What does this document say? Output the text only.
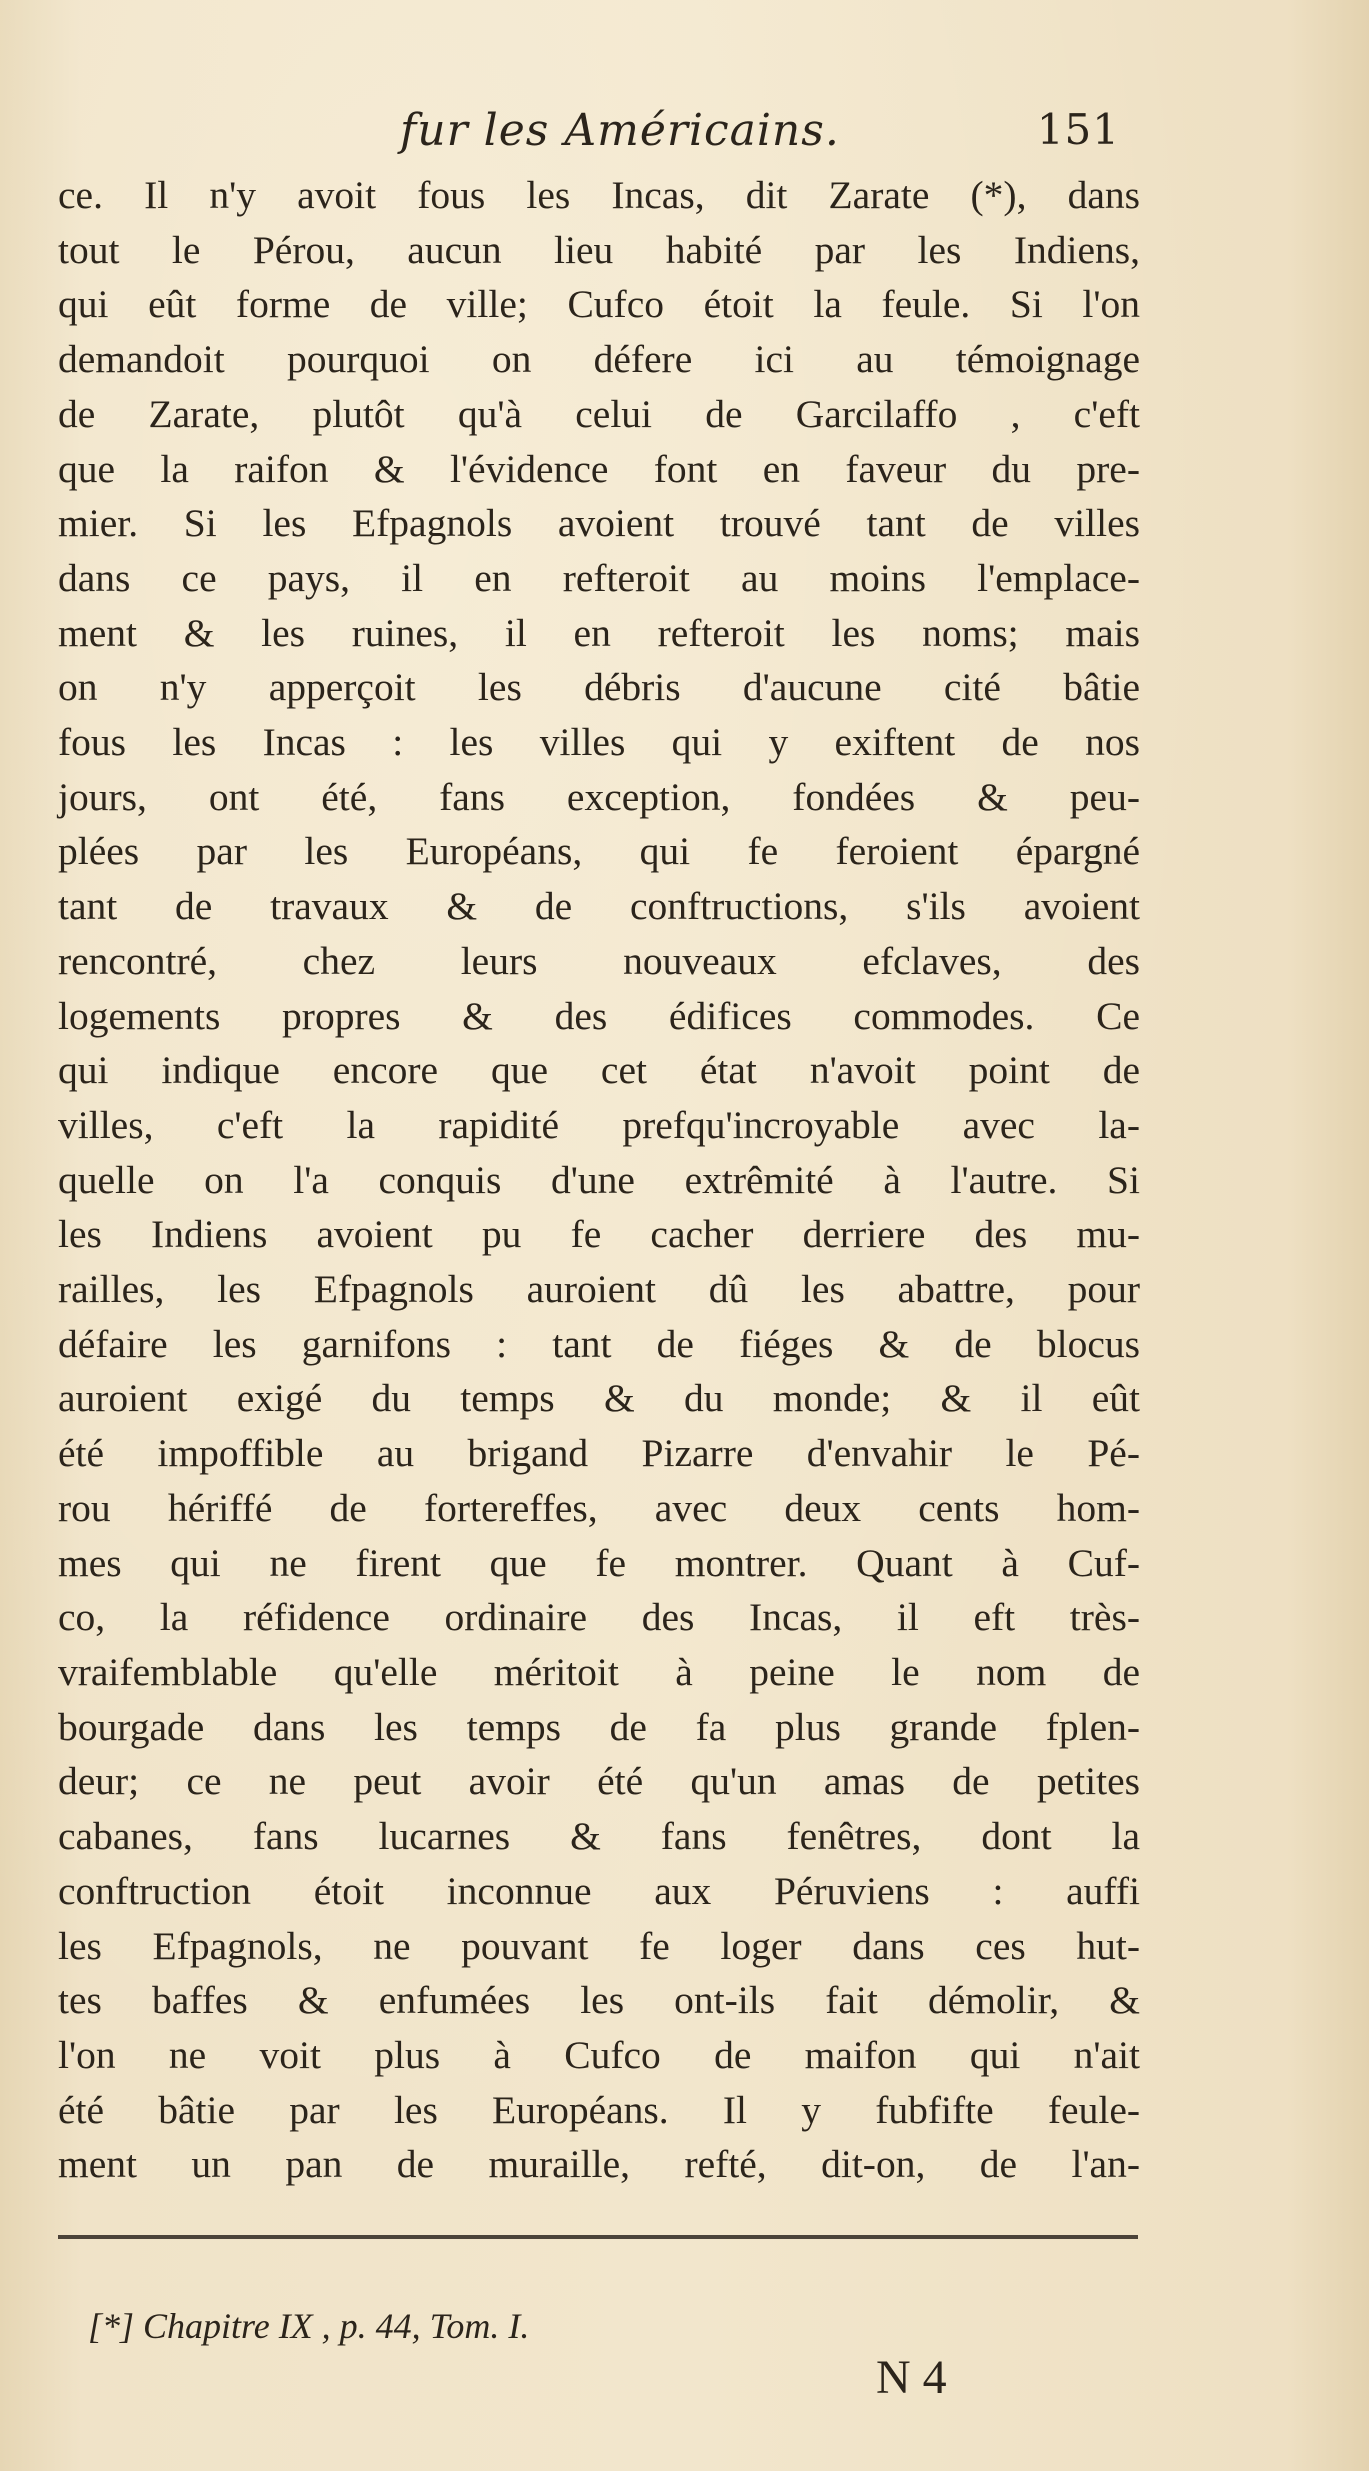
fur les Américains.	151
ce. Il n'y avoit fous les Incas, dit Zarate (*), dans
tout le Pérou, aucun lieu habité par les Indiens,
qui eût forme de ville; Cufco étoit la feule. Si l'on
demandoit pourquoi on défere ici au témoignage
de Zarate, plutôt qu'à celui de Garcilaffo , c'eft
que la raifon & l'évidence font en faveur du pre-
mier. Si les Efpagnols avoient trouvé tant de villes
dans ce pays, il en refteroit au moins l'emplace-
ment & les ruines, il en refteroit les noms; mais
on n'y apperçoit les débris d'aucune cité bâtie
fous les Incas : les villes qui y exiftent de nos
jours, ont été, fans exception, fondées & peu-
plées par les Européans, qui fe feroient épargné
tant de travaux & de conftructions, s'ils avoient
rencontré, chez leurs nouveaux efclaves, des
logements propres & des édifices commodes. Ce
qui indique encore que cet état n'avoit point de
villes, c'eft la rapidité prefqu'incroyable avec la-
quelle on l'a conquis d'une extrêmité à l'autre. Si
les Indiens avoient pu fe cacher derriere des mu-
railles, les Efpagnols auroient dû les abattre, pour
défaire les garnifons : tant de fiéges & de blocus
auroient exigé du temps & du monde; & il eût
été impoffible au brigand Pizarre d'envahir le Pé-
rou hériffé de fortereffes, avec deux cents hom-
mes qui ne firent que fe montrer. Quant à Cuf-
co, la réfidence ordinaire des Incas, il eft très-
vraifemblable qu'elle méritoit à peine le nom de
bourgade dans les temps de fa plus grande fplen-
deur; ce ne peut avoir été qu'un amas de petites
cabanes, fans lucarnes & fans fenêtres, dont la
conftruction étoit inconnue aux Péruviens : auffi
les Efpagnols, ne pouvant fe loger dans ces hut-
tes baffes & enfumées les ont-ils fait démolir, &
l'on ne voit plus à Cufco de maifon qui n'ait
été bâtie par les Européans. Il y fubfifte feule-
ment un pan de muraille, refté, dit-on, de l'an-
[*] Chapitre IX , p. 44, Tom. I.
N 4
